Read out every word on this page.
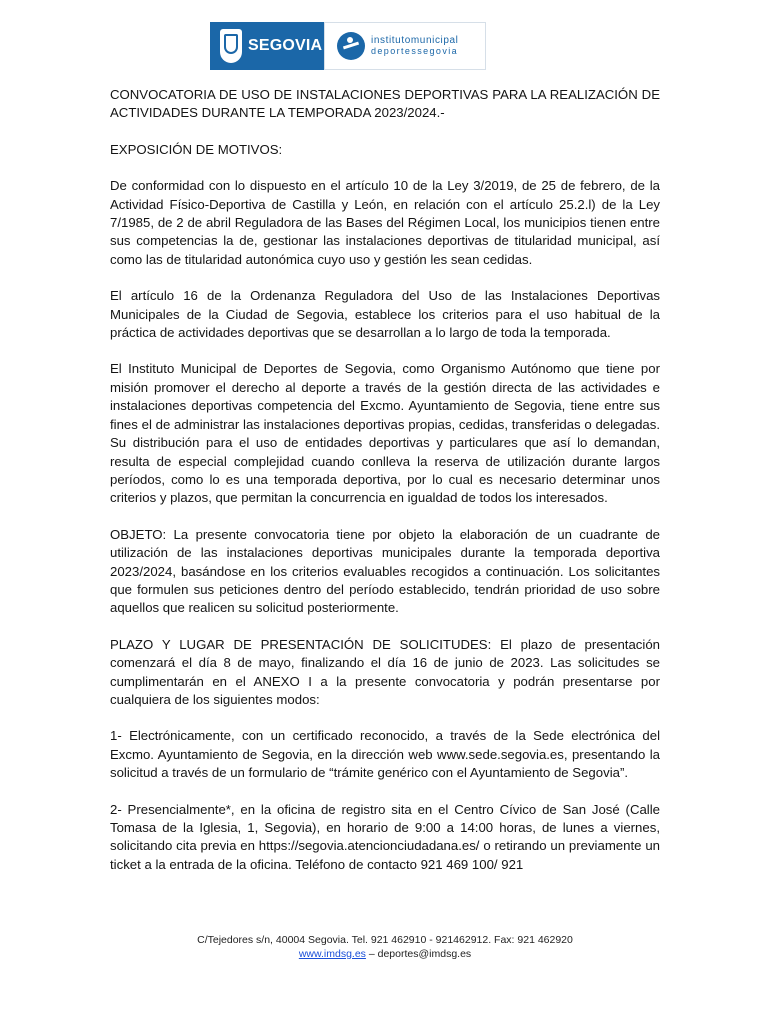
SEGOVIA	institutomunicipal
deportessegovia

CONVOCATORIA DE USO DE INSTALACIONES DEPORTIVAS PARA LA REALIZACIÓN DE ACTIVIDADES DURANTE LA TEMPORADA 2023/2024.-

EXPOSICIÓN DE MOTIVOS:

De conformidad con lo dispuesto en el artículo 10 de la Ley 3/2019, de 25 de febrero, de la Actividad Físico-Deportiva de Castilla y León, en relación con el artículo 25.2.l) de la Ley 7/1985, de 2 de abril Reguladora de las Bases del Régimen Local, los municipios tienen entre sus competencias la de, gestionar las instalaciones deportivas de titularidad municipal, así como las de titularidad autonómica cuyo uso y gestión les sean cedidas.

El artículo 16 de la Ordenanza Reguladora del Uso de las Instalaciones Deportivas Municipales de la Ciudad de Segovia, establece los criterios para el uso habitual de la práctica de actividades deportivas que se desarrollan a lo largo de toda la temporada.

El Instituto Municipal de Deportes de Segovia, como Organismo Autónomo que tiene por misión promover el derecho al deporte a través de la gestión directa de las actividades e instalaciones deportivas competencia del Excmo. Ayuntamiento de Segovia, tiene entre sus fines el de administrar las instalaciones deportivas propias, cedidas, transferidas o delegadas. Su distribución para el uso de entidades deportivas y particulares que así lo demandan, resulta de especial complejidad cuando conlleva la reserva de utilización durante largos períodos, como lo es una temporada deportiva, por lo cual es necesario determinar unos criterios y plazos, que permitan la concurrencia en igualdad de todos los interesados.

OBJETO: La presente convocatoria tiene por objeto la elaboración de un cuadrante de utilización de las instalaciones deportivas municipales durante la temporada deportiva 2023/2024, basándose en los criterios evaluables recogidos a continuación. Los solicitantes que formulen sus peticiones dentro del período establecido, tendrán prioridad de uso sobre aquellos que realicen su solicitud posteriormente.

PLAZO Y LUGAR DE PRESENTACIÓN DE SOLICITUDES: El plazo de presentación comenzará el día 8 de mayo, finalizando el día 16 de junio de 2023. Las solicitudes se cumplimentarán en el ANEXO I a la presente convocatoria y podrán presentarse por cualquiera de los siguientes modos:

1- Electrónicamente, con un certificado reconocido, a través de la Sede electrónica del Excmo. Ayuntamiento de Segovia, en la dirección web www.sede.segovia.es, presentando la solicitud a través de un formulario de “trámite genérico con el Ayuntamiento de Segovia”.

2- Presencialmente*, en la oficina de registro sita en el Centro Cívico de San José (Calle Tomasa de la Iglesia, 1, Segovia), en horario de 9:00 a 14:00 horas, de lunes a viernes, solicitando cita previa en https://segovia.atencionciudadana.es/ o retirando un previamente un ticket a la entrada de la oficina. Teléfono de contacto 921 469 100/ 921

C/Tejedores s/n, 40004 Segovia. Tel. 921 462910 - 921462912. Fax: 921 462920
www.imdsg.es – deportes@imdsg.es
